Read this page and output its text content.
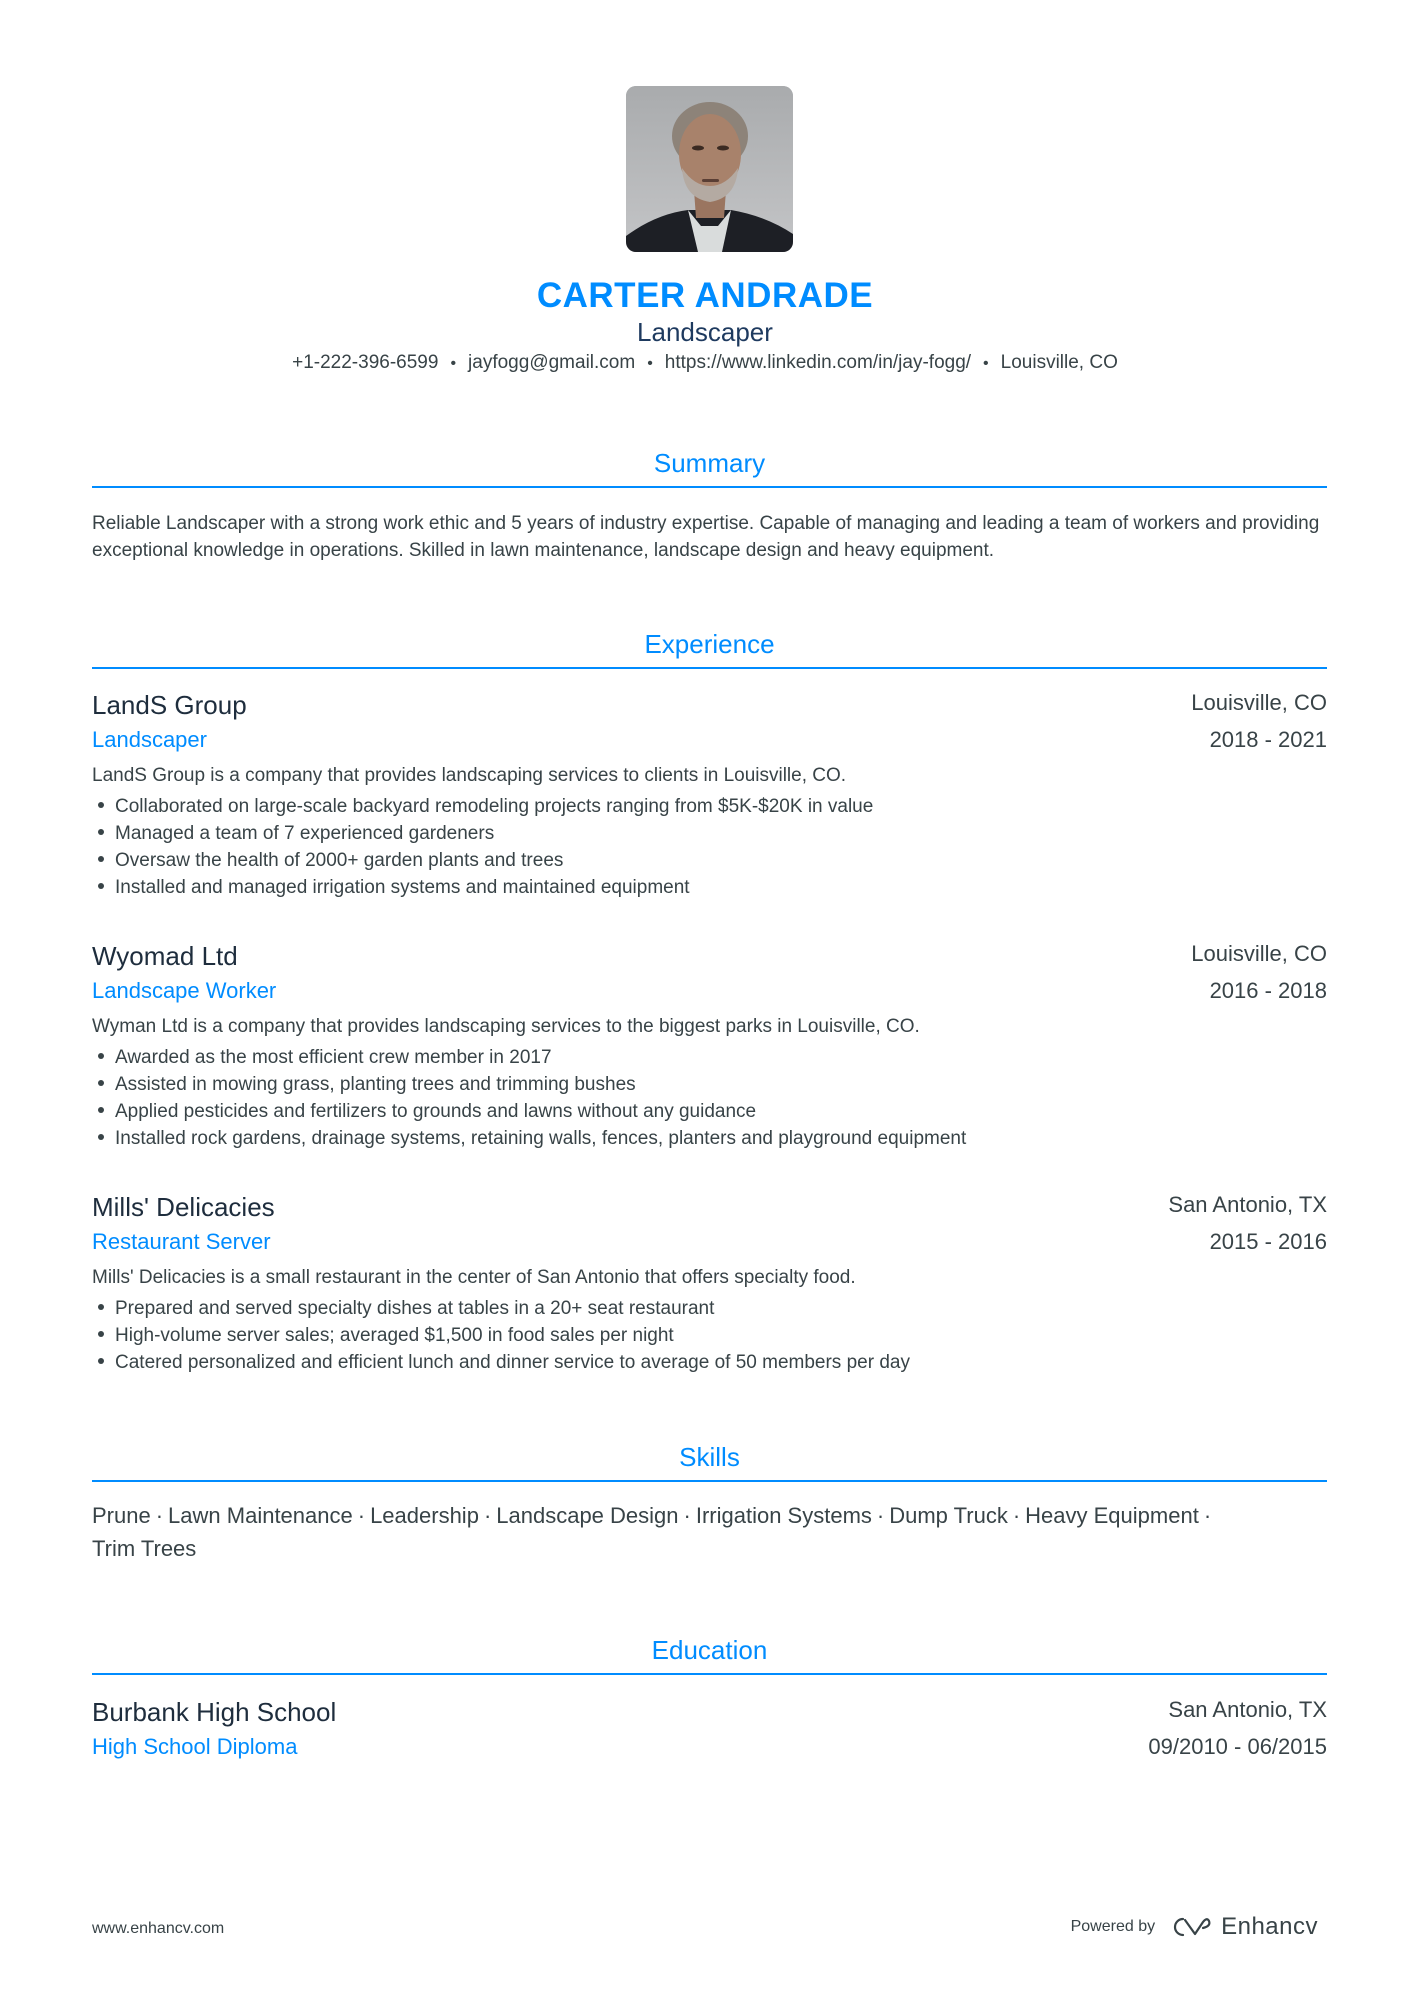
CARTER ANDRADE
Landscaper
+1-222-396-6599 • jayfogg@gmail.com • https://www.linkedin.com/in/jay-fogg/ • Louisville, CO
Summary
Reliable Landscaper with a strong work ethic and 5 years of industry expertise. Capable of managing and leading a team of workers and providing exceptional knowledge in operations. Skilled in lawn maintenance, landscape design and heavy equipment.
Experience
LandS Group	Louisville, CO
Landscaper	2018 - 2021
LandS Group is a company that provides landscaping services to clients in Louisville, CO.
Collaborated on large-scale backyard remodeling projects ranging from $5K-$20K in value
Managed a team of 7 experienced gardeners
Oversaw the health of 2000+ garden plants and trees
Installed and managed irrigation systems and maintained equipment
Wyomad Ltd	Louisville, CO
Landscape Worker	2016 - 2018
Wyman Ltd is a company that provides landscaping services to the biggest parks in Louisville, CO.
Awarded as the most efficient crew member in 2017
Assisted in mowing grass, planting trees and trimming bushes
Applied pesticides and fertilizers to grounds and lawns without any guidance
Installed rock gardens, drainage systems, retaining walls, fences, planters and playground equipment
Mills' Delicacies	San Antonio, TX
Restaurant Server	2015 - 2016
Mills' Delicacies is a small restaurant in the center of San Antonio that offers specialty food.
Prepared and served specialty dishes at tables in a 20+ seat restaurant
High-volume server sales; averaged $1,500 in food sales per night
Catered personalized and efficient lunch and dinner service to average of 50 members per day
Skills
Prune · Lawn Maintenance · Leadership · Landscape Design · Irrigation Systems · Dump Truck · Heavy Equipment ·
Trim Trees
Education
Burbank High School	San Antonio, TX
High School Diploma	09/2010 - 06/2015
www.enhancv.com	Powered by	Enhancv
